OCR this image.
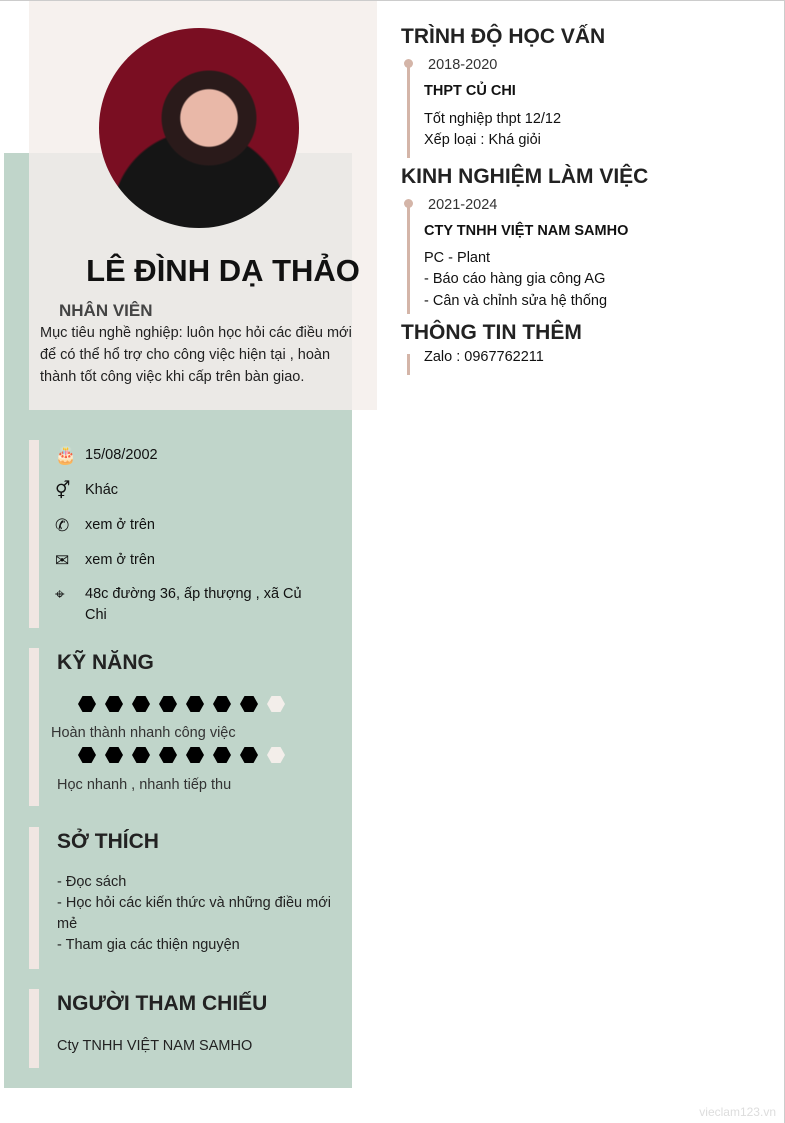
LÊ ĐÌNH DẠ THẢO
NHÂN VIÊN
Mục tiêu nghề nghiệp: luôn học hỏi các điều mới để có thể hổ trợ cho công việc hiện tại , hoàn thành tốt công việc khi cấp trên bàn giao.
🎂 15/08/2002
⚥	Khác
✆	xem ở trên
✉	xem ở trên
⌖	48c đường 36, ấp thượng , xã Củ Chi
KỸ NĂNG
Hoàn thành nhanh công việc
Học nhanh , nhanh tiếp thu
SỞ THÍCH
- Đọc sách
- Học hỏi các kiến thức và những điều mới mẻ
- Tham gia các thiện nguyện
NGƯỜI THAM CHIẾU
Cty TNHH VIỆT NAM SAMHO
TRÌNH ĐỘ HỌC VẤN
2018-2020
THPT CỦ CHI
Tốt nghiệp thpt 12/12
Xếp loại : Khá giỏi
KINH NGHIỆM LÀM VIỆC
2021-2024
CTY TNHH VIỆT NAM SAMHO
PC - Plant
- Báo cáo hàng gia công AG
- Cân và chỉnh sửa hệ thống
THÔNG TIN THÊM
Zalo : 0967762211
vieclam123.vn
